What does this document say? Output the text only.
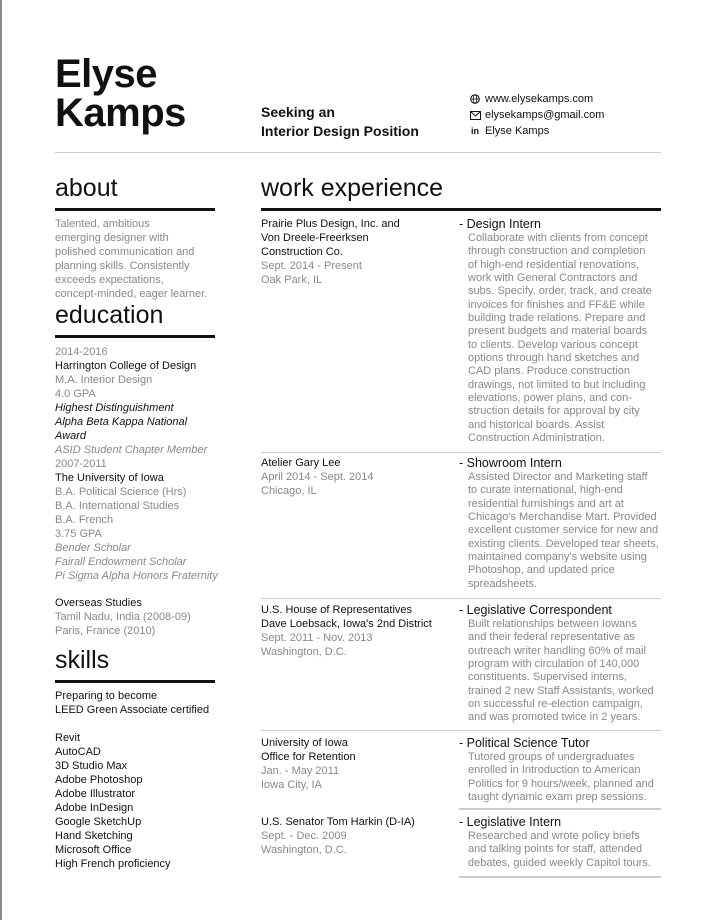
Elyse
Kamps	Seeking an
Interior Design Position
www.elysekamps.com
elysekamps@gmail.com
in Elyse Kamps
about
Talented, ambitious
emerging designer with
polished communication and
planning skills. Consistently
exceeds expectations,
concept-minded, eager learner.
education
2014-2016
Harrington College of Design
M.A. Interior Design
4.0 GPA
Highest Distinguishment
Alpha Beta Kappa National Award
ASID Student Chapter Member
2007-2011
The University of Iowa
B.A. Political Science (Hrs)
B.A. International Studies
B.A. French
3.75 GPA
Bender Scholar
Fairall Endowment Scholar
Pi Sigma Alpha Honors Fraternity
Overseas Studies
Tamil Nadu, India (2008-09)
Paris, France (2010)
skills
Preparing to become
LEED Green Associate certified
Revit
AutoCAD
3D Studio Max
Adobe Photoshop
Adobe Illustrator
Adobe InDesign
Google SketchUp
Hand Sketching
Microsoft Office
High French proficiency
work experience
Prairie Plus Design, Inc. and
Von Dreele-Freerksen
Construction Co.
Sept. 2014 - Present
Oak Park, IL
- Design Intern
Collaborate with clients from concept
through construction and completion
of high-end residential renovations,
work with General Contractors and
subs. Specify, order, track, and create
invoices for finishes and FF&E while
building trade relations. Prepare and
present budgets and material boards
to clients. Develop various concept
options through hand sketches and
CAD plans. Produce construction
drawings, not limited to but including
elevations, power plans, and con-
struction details for approval by city
and historical boards. Assist
Construction Administration.
Atelier Gary Lee
April 2014 - Sept. 2014
Chicago, IL
- Showroom Intern
Assisted Director and Marketing staff
to curate international, high-end
residential furnishings and art at
Chicago's Merchandise Mart. Provided
excellent customer service for new and
existing clients. Developed tear sheets,
maintained company's website using
Photoshop, and updated price
spreadsheets.
U.S. House of Representatives
Dave Loebsack, Iowa's 2nd District
Sept. 2011 - Nov. 2013
Washington, D.C.
- Legislative Correspondent
Built relationships between Iowans
and their federal representative as
outreach writer handling 60% of mail
program with circulation of 140,000
constituents. Supervised interns,
trained 2 new Staff Assistants, worked
on successful re-election campaign,
and was promoted twice in 2 years.
University of Iowa
Office for Retention
Jan. - May 2011
Iowa City, IA
- Political Science Tutor
Tutored groups of undergraduates
enrolled in Introduction to American
Politics for 9 hours/week, planned and
taught dynamic exam prep sessions.
U.S. Senator Tom Harkin (D-IA)
Sept. - Dec. 2009
Washington, D.C.
- Legislative Intern
Researched and wrote policy briefs
and talking points for staff, attended
debates, guided weekly Capitol tours.
